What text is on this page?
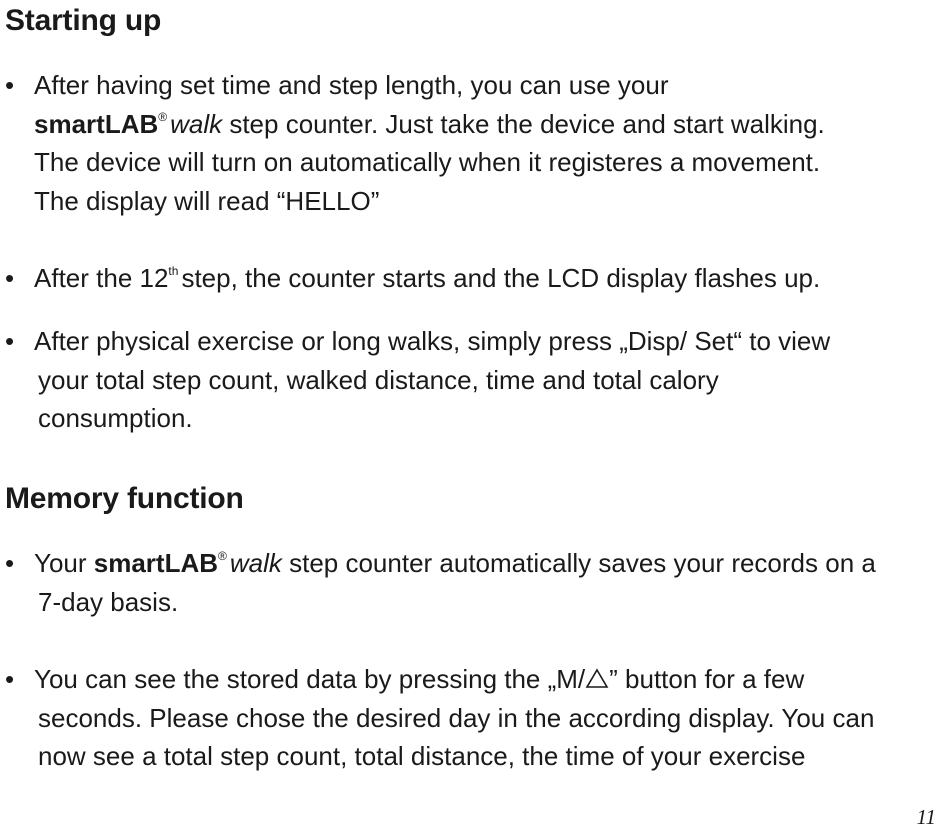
Starting up
• After having set time and step length, you can use your
smartLAB® walk step counter. Just take the device and start walking.
The device will turn on automatically when it registeres a movement.
The display will read “HELLO”
• After the 12th step, the counter starts and the LCD display flashes up.
• After physical exercise or long walks, simply press „Disp/ Set“ to view
your total step count, walked distance, time and total calory
consumption.
Memory function
• Your smartLAB® walk step counter automatically saves your records on a
7-day basis.
• You can see the stored data by pressing the „M/ ” button for a few
seconds. Please chose the desired day in the according display. You can
now see a total step count, total distance, the time of your exercise
11
